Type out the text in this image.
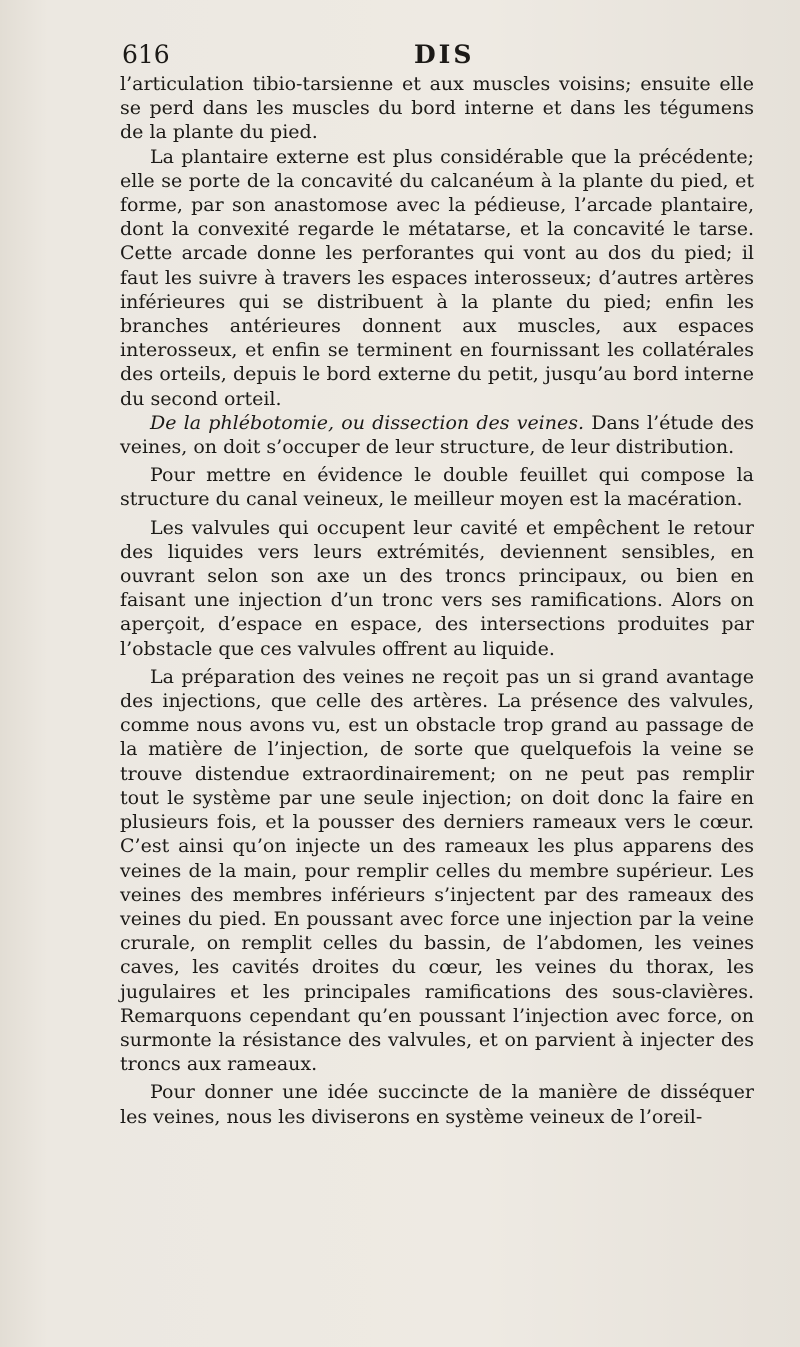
616	DIS

l’articulation tibio-tarsienne et aux muscles voisins; ensuite elle se perd dans les muscles du bord interne et dans les tégumens de la plante du pied.

La plantaire externe est plus considérable que la précédente; elle se porte de la concavité du calcanéum à la plante du pied, et forme, par son anastomose avec la pédieuse, l’arcade plantaire, dont la convexité regarde le métatarse, et la concavité le tarse. Cette arcade donne les perforantes qui vont au dos du pied; il faut les suivre à travers les espaces interosseux; d’autres artères inférieures qui se distribuent à la plante du pied; enfin les branches antérieures donnent aux muscles, aux espaces interosseux, et enfin se terminent en fournissant les collatérales des orteils, depuis le bord externe du petit, jusqu’au bord interne du second orteil.

De la phlébotomie, ou dissection des veines. Dans l’étude des veines, on doit s’occuper de leur structure, de leur distribution.

Pour mettre en évidence le double feuillet qui compose la structure du canal veineux, le meilleur moyen est la macération.

Les valvules qui occupent leur cavité et empêchent le retour des liquides vers leurs extrémités, deviennent sensibles, en ouvrant selon son axe un des troncs principaux, ou bien en faisant une injection d’un tronc vers ses ramifications. Alors on aperçoit, d’espace en espace, des intersections produites par l’obstacle que ces valvules offrent au liquide.

La préparation des veines ne reçoit pas un si grand avantage des injections, que celle des artères. La présence des valvules, comme nous avons vu, est un obstacle trop grand au passage de la matière de l’injection, de sorte que quelquefois la veine se trouve distendue extraordinairement; on ne peut pas remplir tout le système par une seule injection; on doit donc la faire en plusieurs fois, et la pousser des derniers rameaux vers le cœur. C’est ainsi qu’on injecte un des rameaux les plus apparens des veines de la main, pour remplir celles du membre supérieur. Les veines des membres inférieurs s’injectent par des rameaux des veines du pied. En poussant avec force une injection par la veine crurale, on remplit celles du bassin, de l’abdomen, les veines caves, les cavités droites du cœur, les veines du thorax, les jugulaires et les principales ramifications des sous-clavières. Remarquons cependant qu’en poussant l’injection avec force, on surmonte la résistance des valvules, et on parvient à injecter des troncs aux rameaux.

Pour donner une idée succincte de la manière de disséquer les veines, nous les diviserons en système veineux de l’oreil-
